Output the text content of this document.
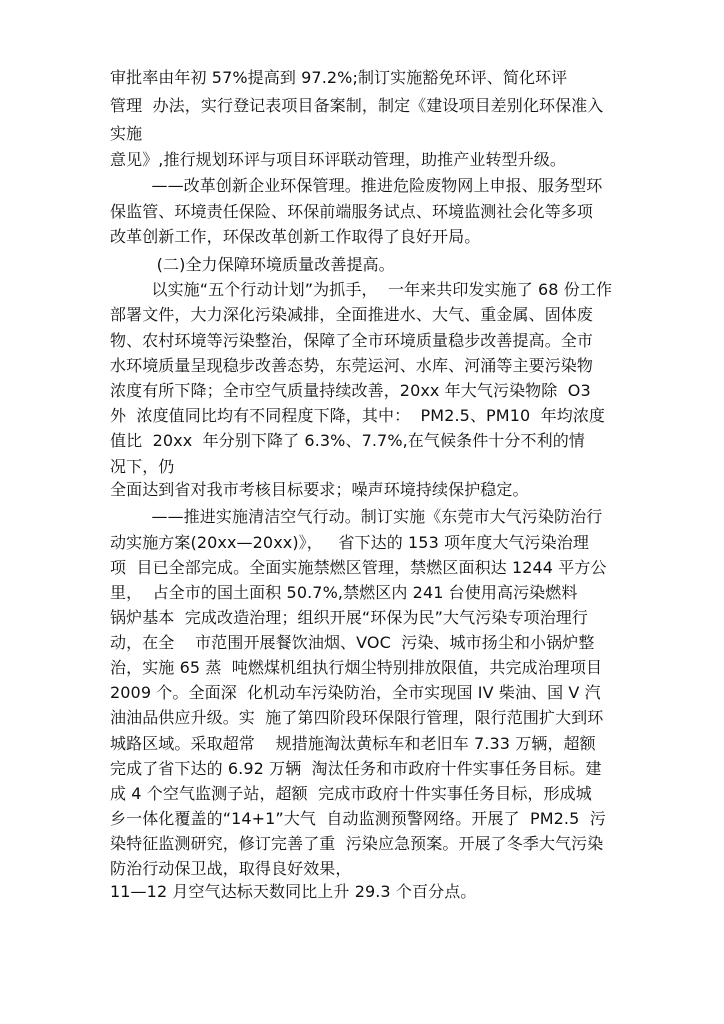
审批率由年初 57%提高到 97.2%;制订实施豁免环评、简化环评
管理  办法，实行登记表项目备案制，制定《建设项目差别化环保准入
实施
意见》,推行规划环评与项目环评联动管理，助推产业转型升级。
——改革创新企业环保管理。推进危险废物网上申报、服务型环
保监管、环境责任保险、环保前端服务试点、环境监测社会化等多项
改革创新工作，环保改革创新工作取得了良好开局。
(二)全力保障环境质量改善提高。
以实施“五个行动计划”为抓手，  一年来共印发实施了 68 份工作
部署文件，大力深化污染减排，全面推进水、大气、重金属、固体废
物、农村环境等污染整治，保障了全市环境质量稳步改善提高。全市
水环境质量呈现稳步改善态势，东莞运河、水库、河涌等主要污染物
浓度有所下降；全市空气质量持续改善，20xx 年大气污染物除  O3
外  浓度值同比均有不同程度下降，其中：  PM2.5、PM10  年均浓度
值比  20xx  年分别下降了 6.3%、7.7%,在气候条件十分不利的情
况下，仍
全面达到省对我市考核目标要求；噪声环境持续保护稳定。
——推进实施清洁空气行动。制订实施《东莞市大气污染防治行
动实施方案(20xx—20xx)》，   省下达的 153 项年度大气污染治理
项  目已全部完成。全面实施禁燃区管理，禁燃区面积达 1244 平方公
里，  占全市的国土面积 50.7%,禁燃区内 241 台使用高污染燃料
锅炉基本  完成改造治理；组织开展“环保为民”大气污染专项治理行
动，在全    市范围开展餐饮油烟、VOC  污染、城市扬尘和小锅炉整
治，实施 65 蒸  吨燃煤机组执行烟尘特别排放限值，共完成治理项目
2009 个。全面深  化机动车污染防治，全市实现国 IV 柴油、国 V 汽
油油品供应升级。实  施了第四阶段环保限行管理，限行范围扩大到环
城路区域。采取超常    规措施淘汰黄标车和老旧车 7.33 万辆，超额
完成了省下达的 6.92 万辆  淘汰任务和市政府十件实事任务目标。建
成 4 个空气监测子站，超额  完成市政府十件实事任务目标，形成城
乡一体化覆盖的“14+1”大气  自动监测预警网络。开展了  PM2.5  污
染特征监测研究，修订完善了重  污染应急预案。开展了冬季大气污染
防治行动保卫战，取得良好效果，
11—12 月空气达标天数同比上升 29.3 个百分点。
